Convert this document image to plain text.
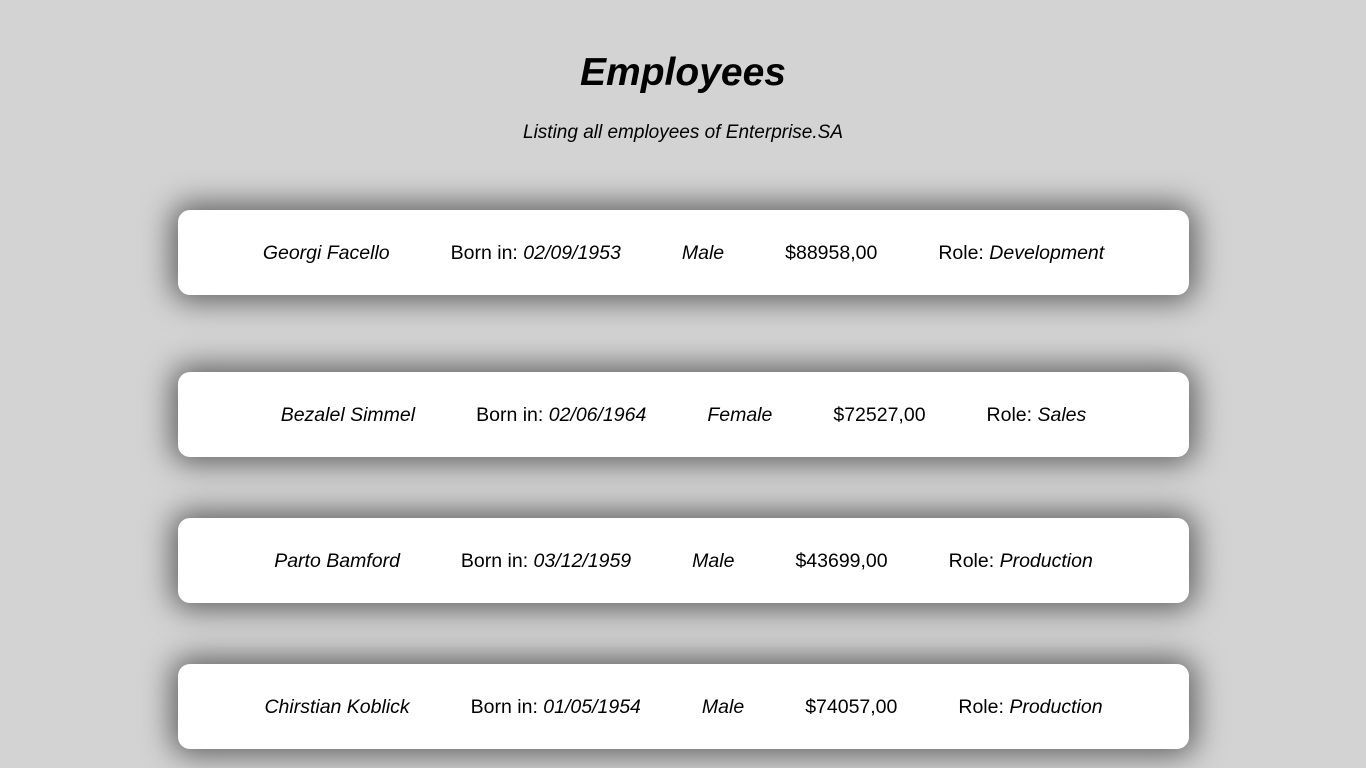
Employees

Listing all employees of Enterprise.SA

Georgi Facello	Born in: 02/09/1953	Male	$88958,00	Role: Development
Bezalel Simmel	Born in: 02/06/1964	Female	$72527,00	Role: Sales
Parto Bamford	Born in: 03/12/1959	Male	$43699,00	Role: Production
Chirstian Koblick	Born in: 01/05/1954	Male	$74057,00	Role: Production
